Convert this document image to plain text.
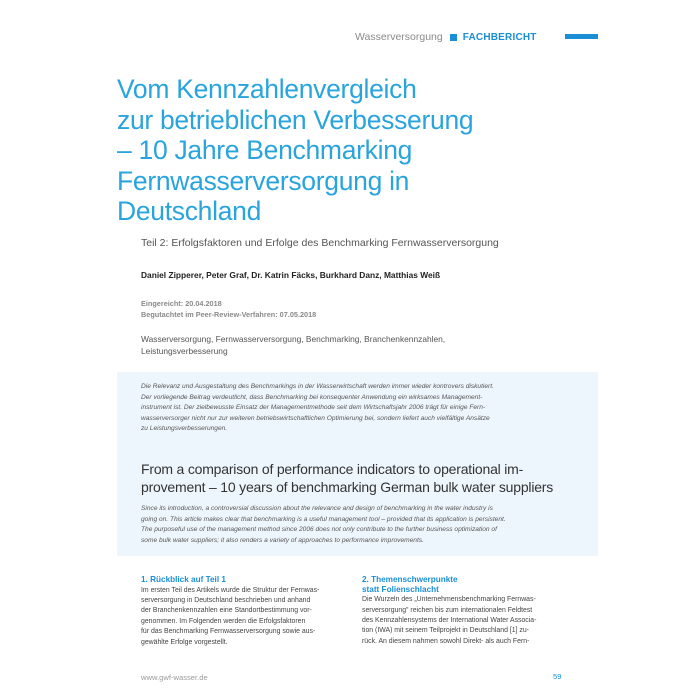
Wasserversorgung FACHBERICHT
Vom Kennzahlenvergleich
zur betrieblichen Verbesserung
– 10 Jahre Benchmarking
Fernwasserversorgung in
Deutschland
Teil 2: Erfolgsfaktoren und Erfolge des Benchmarking Fernwasserversorgung
Daniel Zipperer, Peter Graf, Dr. Katrin Fäcks, Burkhard Danz, Matthias Weiß
Eingereicht: 20.04.2018
Begutachtet im Peer-Review-Verfahren: 07.05.2018
Wasserversorgung, Fernwasserversorgung, Benchmarking, Branchenkennzahlen,
Leistungsverbesserung
Die Relevanz und Ausgestaltung des Benchmarkings in der Wasserwirtschaft werden immer wieder kontrovers diskutiert.
Der vorliegende Beitrag verdeutlicht, dass Benchmarking bei konsequenter Anwendung ein wirksames Management-
instrument ist. Der zielbewusste Einsatz der Managementmethode seit dem Wirtschaftsjahr 2006 trägt für einige Fern-
wasserversorger nicht nur zur weiteren betriebswirtschaftlichen Optimierung bei, sondern liefert auch vielfältige Ansätze
zu Leistungsverbesserungen.
From a comparison of performance indicators to operational im-
provement – 10 years of benchmarking German bulk water suppliers
Since its introduction, a controversial discussion about the relevance and design of benchmarking in the water industry is
going on. This article makes clear that benchmarking is a useful management tool – provided that its application is persistent.
The purposeful use of the management method since 2006 does not only contribute to the further business optimization of
some bulk water suppliers; it also renders a variety of approaches to performance improvements.
1. Rückblick auf Teil 1
Im ersten Teil des Artikels wurde die Struktur der Fernwas-
serversorgung in Deutschland beschrieben und anhand
der Branchenkennzahlen eine Standortbestimmung vor-
genommen. Im Folgenden werden die Erfolgsfaktoren
für das Benchmarking Fernwasserversorgung sowie aus-
gewählte Erfolge vorgestellt.
2. Themenschwerpunkte
statt Folienschlacht
Die Wurzeln des „Unternehmensbenchmarking Fernwas-
serversorgung" reichen bis zum internationalen Feldtest
des Kennzahlensystems der International Water Associa-
tion (IWA) mit seinem Teilprojekt in Deutschland [1] zu-
rück. An diesem nahmen sowohl Direkt- als auch Fern-
www.gwf-wasser.de	59
